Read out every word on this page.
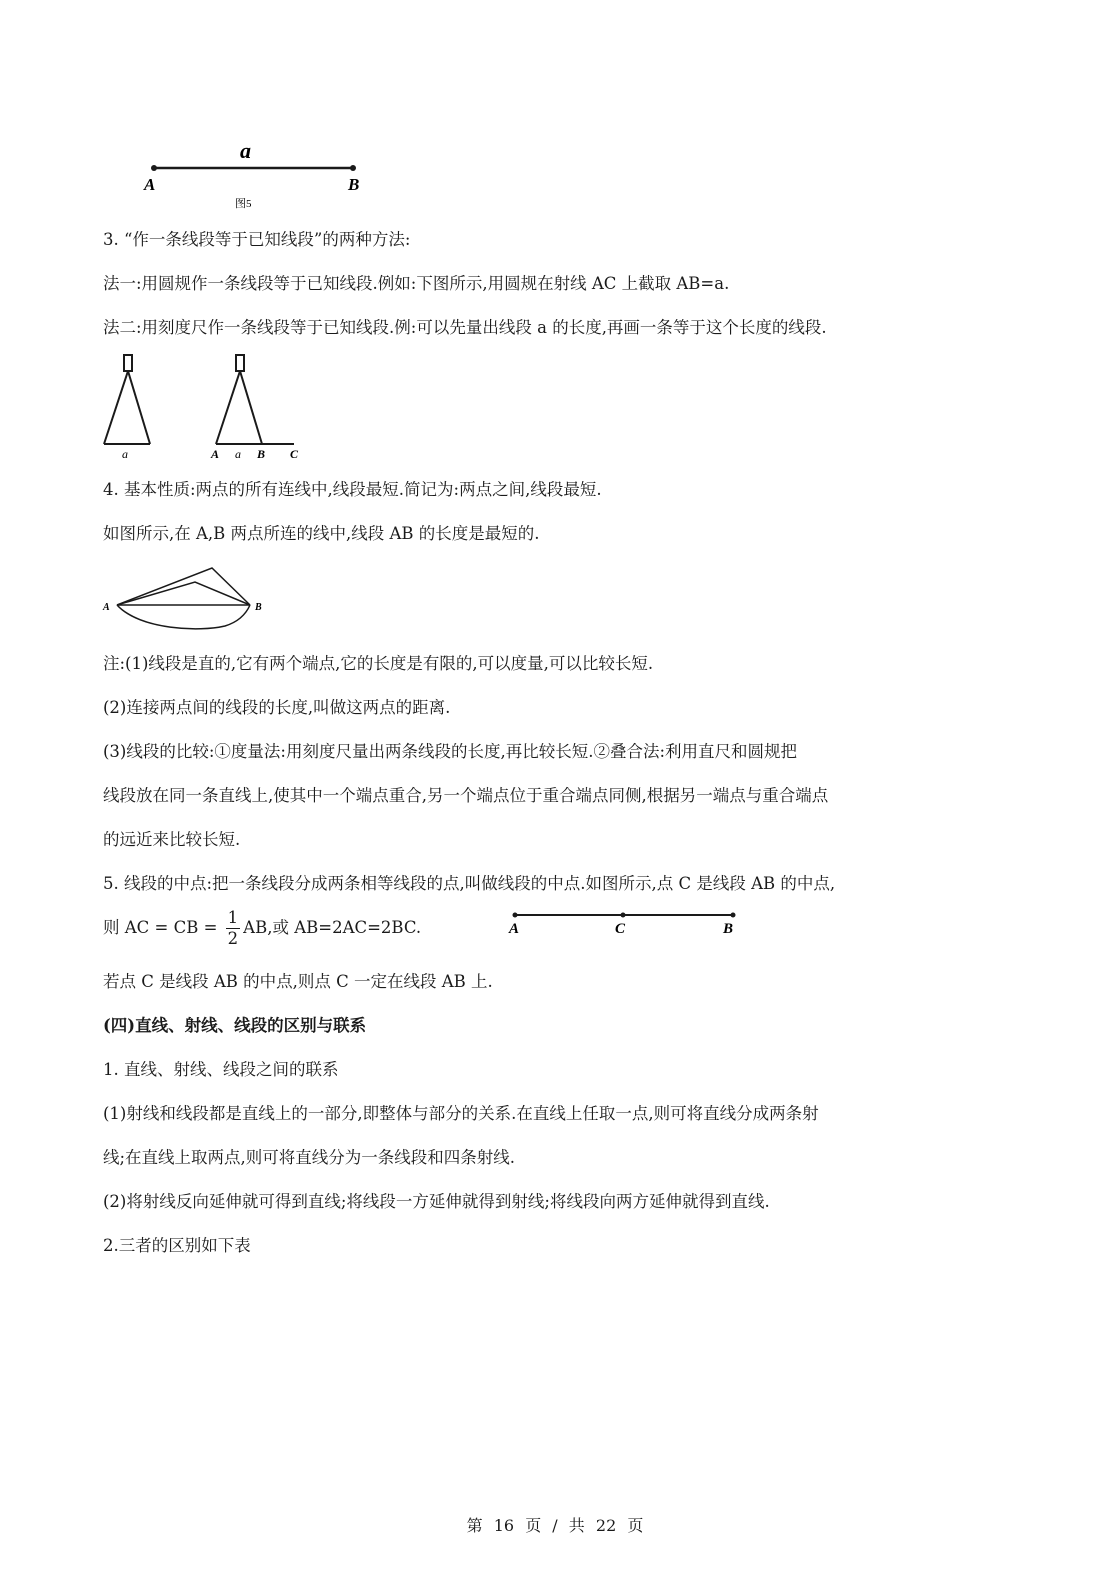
a
A	B
图5
3. “作一条线段等于已知线段”的两种方法:
法一:用圆规作一条线段等于已知线段.例如:下图所示,用圆规在射线 AC 上截取 AB=a.
法二:用刻度尺作一条线段等于已知线段.例:可以先量出线段 a 的长度,再画一条等于这个长度的线段.
a	A a B C
4. 基本性质:两点的所有连线中,线段最短.简记为:两点之间,线段最短.
如图所示,在 A,B 两点所连的线中,线段 AB 的长度是最短的.
A	B
注:(1)线段是直的,它有两个端点,它的长度是有限的,可以度量,可以比较长短.
(2)连接两点间的线段的长度,叫做这两点的距离.
(3)线段的比较:①度量法:用刻度尺量出两条线段的长度,再比较长短.②叠合法:利用直尺和圆规把
线段放在同一条直线上,使其中一个端点重合,另一个端点位于重合端点同侧,根据另一端点与重合端点
的远近来比较长短.
5. 线段的中点:把一条线段分成两条相等线段的点,叫做线段的中点.如图所示,点 C 是线段 AB 的中点,
则 AC = CB = $\frac{1}{2}$ AB,或 AB=2AC=2BC.	A	C	B
若点 C 是线段 AB 的中点,则点 C 一定在线段 AB 上.
(四)直线、射线、线段的区别与联系
1. 直线、射线、线段之间的联系
(1)射线和线段都是直线上的一部分,即整体与部分的关系.在直线上任取一点,则可将直线分成两条射
线;在直线上取两点,则可将直线分为一条线段和四条射线.
(2)将射线反向延伸就可得到直线;将线段一方延伸就得到射线;将线段向两方延伸就得到直线.
2.三者的区别如下表
第 16 页 / 共 22 页
